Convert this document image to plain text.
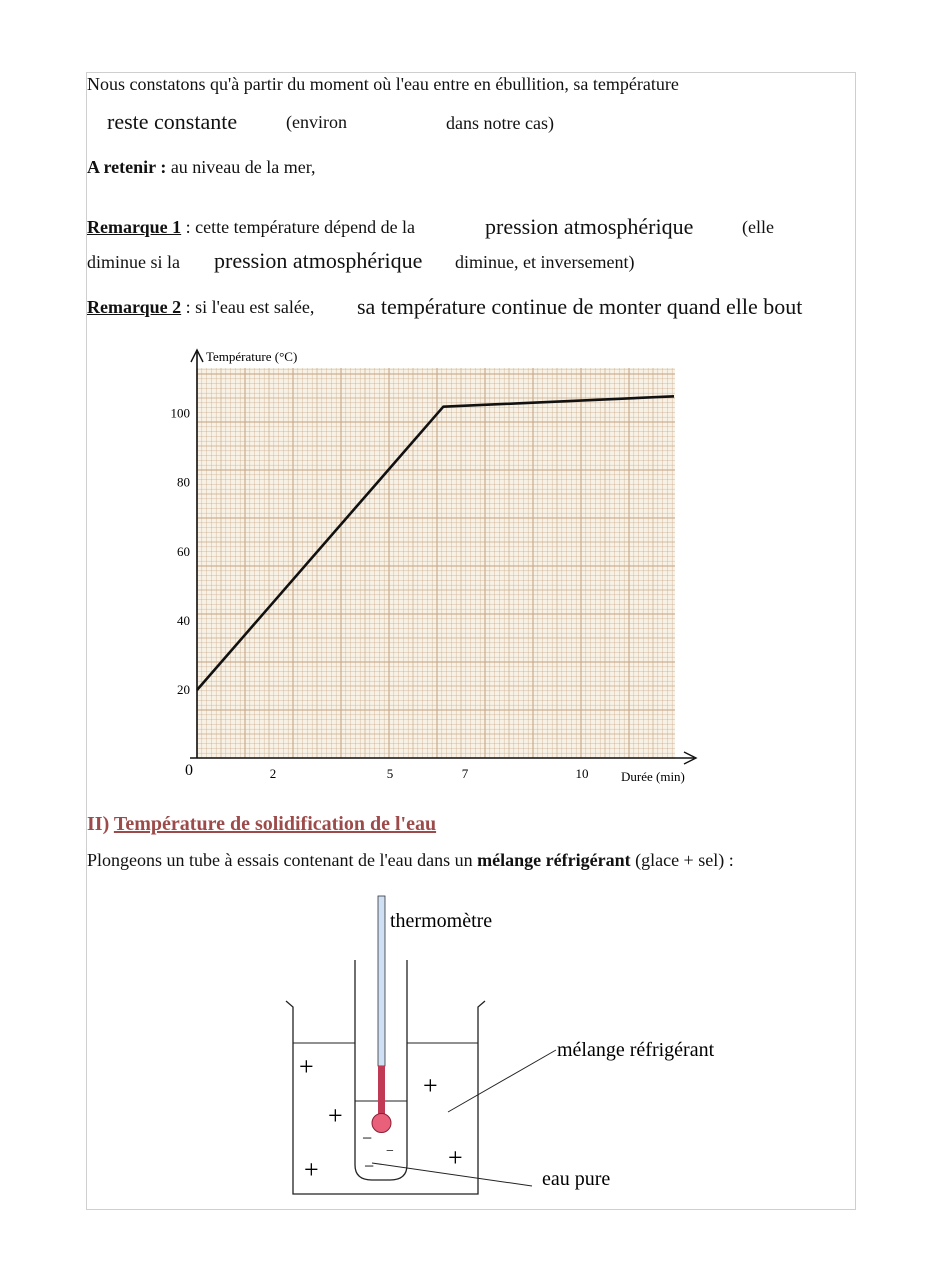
Nous constatons qu'à partir du moment où l'eau entre en ébullition, sa température
reste constante	(environ	dans notre cas)
A retenir : au niveau de la mer,
Remarque 1 : cette température dépend de la	pression atmosphérique	(elle
diminue si la pression atmosphérique diminue, et inversement)
Remarque 2 : si l'eau est salée, sa température continue de monter quand elle bout
Température (°C)
Durée (min)
0	2	5	7	10
20
40
60
80
100
II) Température de solidification de l'eau
Plongeons un tube à essais contenant de l'eau dans un mélange réfrigérant (glace + sel) :
+
+
+
+	+
−
−
−
thermomètre
mélange réfrigérant
eau pure
